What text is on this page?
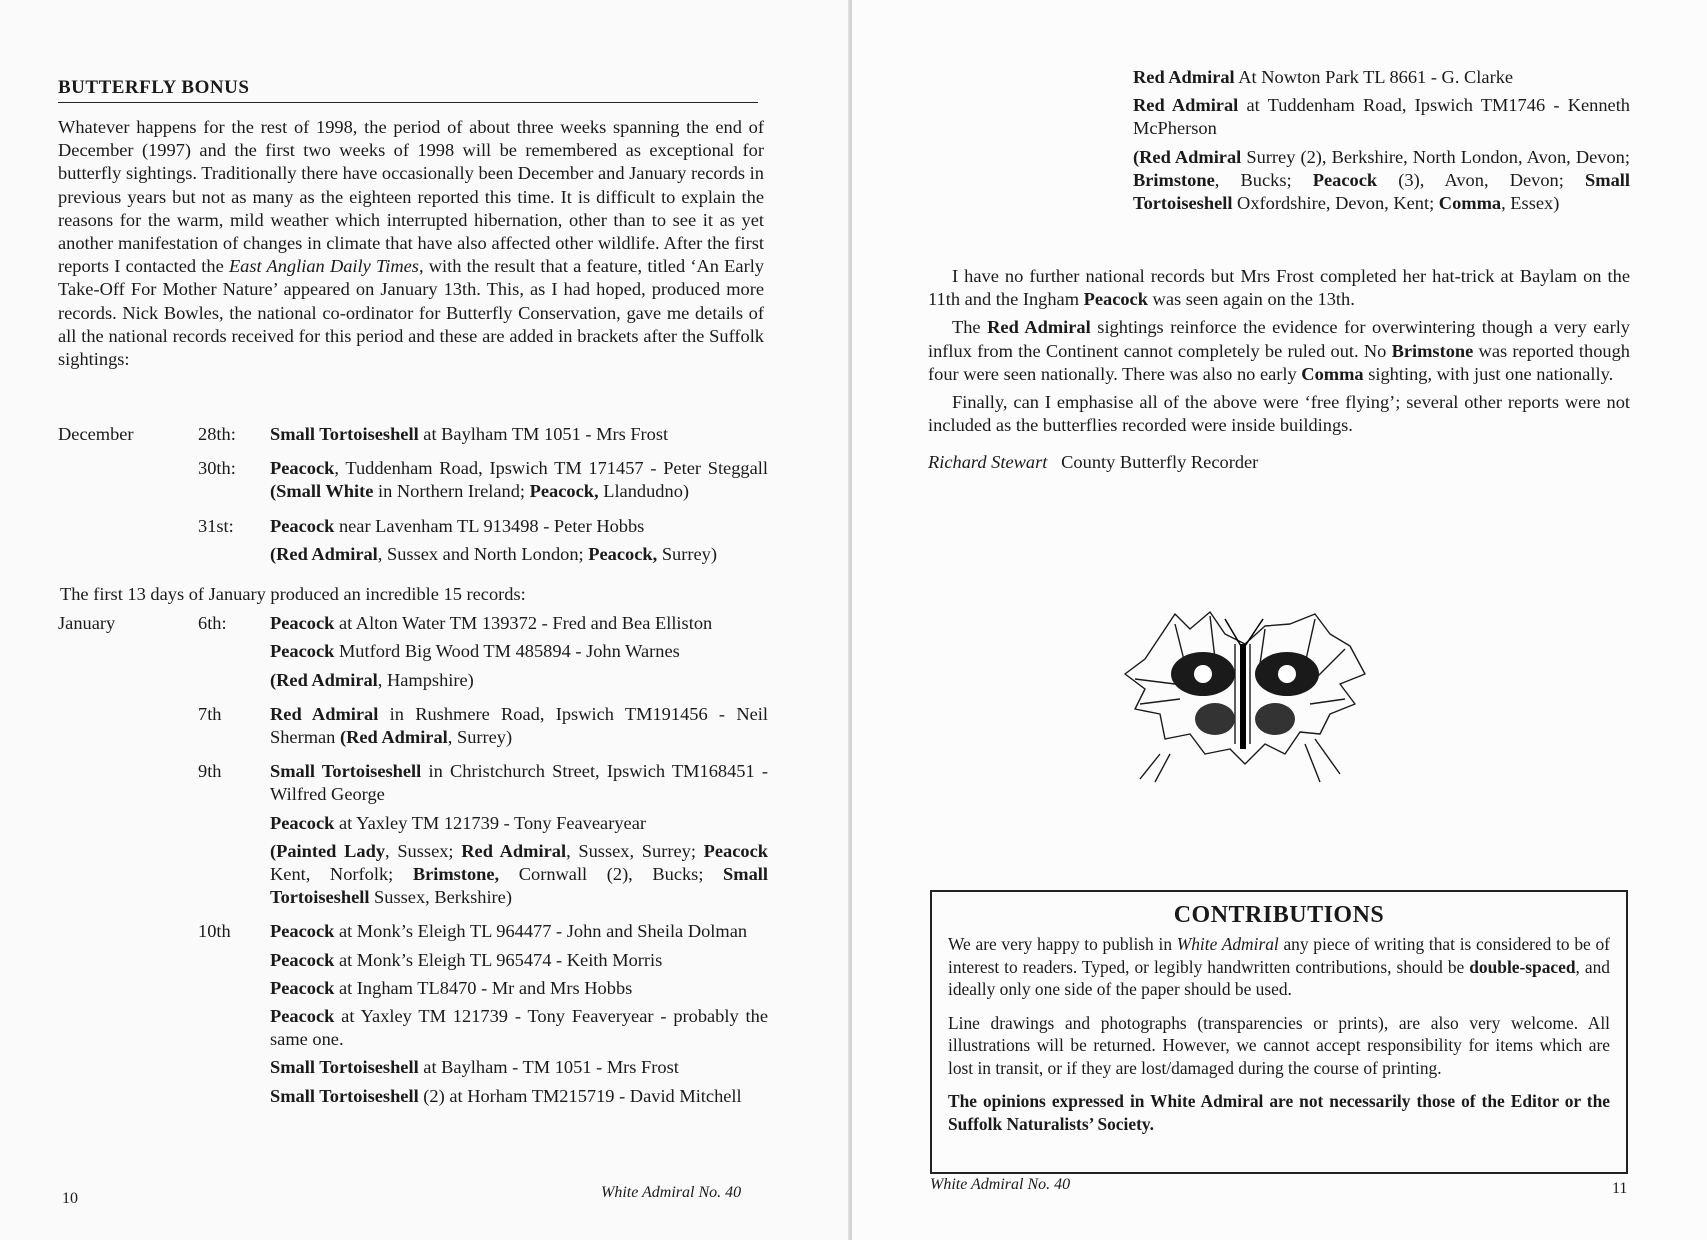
BUTTERFLY BONUS

Whatever happens for the rest of 1998, the period of about three weeks spanning the end of December (1997) and the first two weeks of 1998 will be remembered as exceptional for butterfly sightings. Traditionally there have occasionally been December and January records in previous years but not as many as the eighteen reported this time. It is difficult to explain the reasons for the warm, mild weather which interrupted hibernation, other than to see it as yet another manifestation of changes in climate that have also affected other wildlife. After the first reports I contacted the East Anglian Daily Times, with the result that a feature, titled ‘An Early Take-Off For Mother Nature’ appeared on January 13th. This, as I had hoped, produced more records. Nick Bowles, the national co-ordinator for Butterfly Conservation, gave me details of all the national records received for this period and these are added in brackets after the Suffolk sightings:

December	28th:	Small Tortoiseshell at Baylham TM 1051 - Mrs Frost
30th:	Peacock, Tuddenham Road, Ipswich TM 171457 - Peter Steggall (Small White in Northern Ireland; Peacock, Llandudno)
31st:	Peacock near Lavenham TL 913498 - Peter Hobbs
(Red Admiral, Sussex and North London; Peacock, Surrey)
The first 13 days of January produced an incredible 15 records:
January	6th:	Peacock at Alton Water TM 139372 - Fred and Bea Elliston
Peacock Mutford Big Wood TM 485894 - John Warnes
(Red Admiral, Hampshire)
7th	Red Admiral in Rushmere Road, Ipswich TM191456 - Neil Sherman (Red Admiral, Surrey)
9th	Small Tortoiseshell in Christchurch Street, Ipswich TM168451 - Wilfred George
Peacock at Yaxley TM 121739 - Tony Feavearyear
(Painted Lady, Sussex; Red Admiral, Sussex, Surrey; Peacock Kent, Norfolk; Brimstone, Cornwall (2), Bucks; Small Tortoiseshell Sussex, Berkshire)
10th	Peacock at Monk’s Eleigh TL 964477 - John and Sheila Dolman
Peacock at Monk’s Eleigh TL 965474 - Keith Morris
Peacock at Ingham TL8470 - Mr and Mrs Hobbs
Peacock at Yaxley TM 121739 - Tony Feaveryear - probably the same one.
Small Tortoiseshell at Baylham - TM 1051 - Mrs Frost
Small Tortoiseshell (2) at Horham TM215719 - David Mitchell
10	White Admiral No. 40

Red Admiral At Nowton Park TL 8661 - G. Clarke

Red Admiral at Tuddenham Road, Ipswich TM1746 - Kenneth McPherson

(Red Admiral Surrey (2), Berkshire, North London, Avon, Devon; Brimstone, Bucks; Peacock (3), Avon, Devon; Small Tortoiseshell Oxfordshire, Devon, Kent; Comma, Essex)

I have no further national records but Mrs Frost completed her hat-trick at Baylam on the 11th and the Ingham Peacock was seen again on the 13th.

The Red Admiral sightings reinforce the evidence for overwintering though a very early influx from the Continent cannot completely be ruled out. No Brimstone was reported though four were seen nationally. There was also no early Comma sighting, with just one nationally.

Finally, can I emphasise all of the above were ‘free flying’; several other reports were not included as the butterflies recorded were inside buildings.

Richard Stewart County Butterfly Recorder

CONTRIBUTIONS

We are very happy to publish in White Admiral any piece of writing that is considered to be of interest to readers. Typed, or legibly handwritten contributions, should be double-spaced, and ideally only one side of the paper should be used.

Line drawings and photographs (transparencies or prints), are also very welcome. All illustrations will be returned. However, we cannot accept responsibility for items which are lost in transit, or if they are lost/damaged during the course of printing.

The opinions expressed in White Admiral are not necessarily those of the Editor or the Suffolk Naturalists’ Society.

White Admiral No. 40	11
